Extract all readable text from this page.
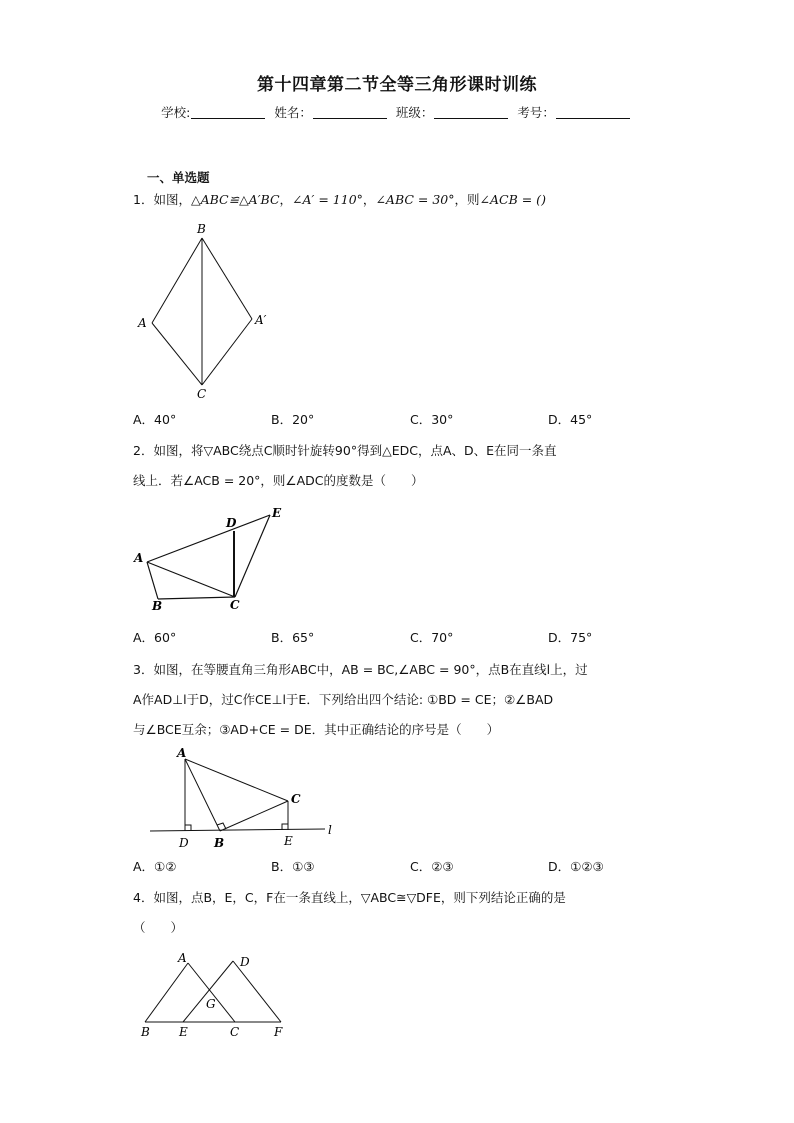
第十四章第二节全等三角形课时训练
学校:	姓名：	班级：	考号：
一、单选题
1．如图，△ABC≌△A′BC，∠A′ = 110°，∠ABC = 30°，则∠ACB = ()
B
A	A′
C
A．40°	B．20°	C．30°	D．45°
2．如图，将▽ABC绕点C顺时针旋转90°得到△EDC，点A、D、E在同一条直
线上．若∠ACB = 20°，则∠ADC的度数是（　　）
A
B	C
D
E
A．60°	B．65°	C．70°	D．75°
3．如图，在等腰直角三角形ABC中，AB = BC,∠ABC = 90°，点B在直线l上，过
A作AD⊥l于D，过C作CE⊥l于E．下列给出四个结论: ①BD = CE；②∠BAD
与∠BCE互余；③AD+CE = DE．其中正确结论的序号是（　　）
A
B
C
D	E
l
A．①②	B．①③	C．②③	D．①②③
4．如图，点B，E，C，F在一条直线上，▽ABC≅▽DFE，则下列结论正确的是
（　　）
A
B	C
D
E	F
G
